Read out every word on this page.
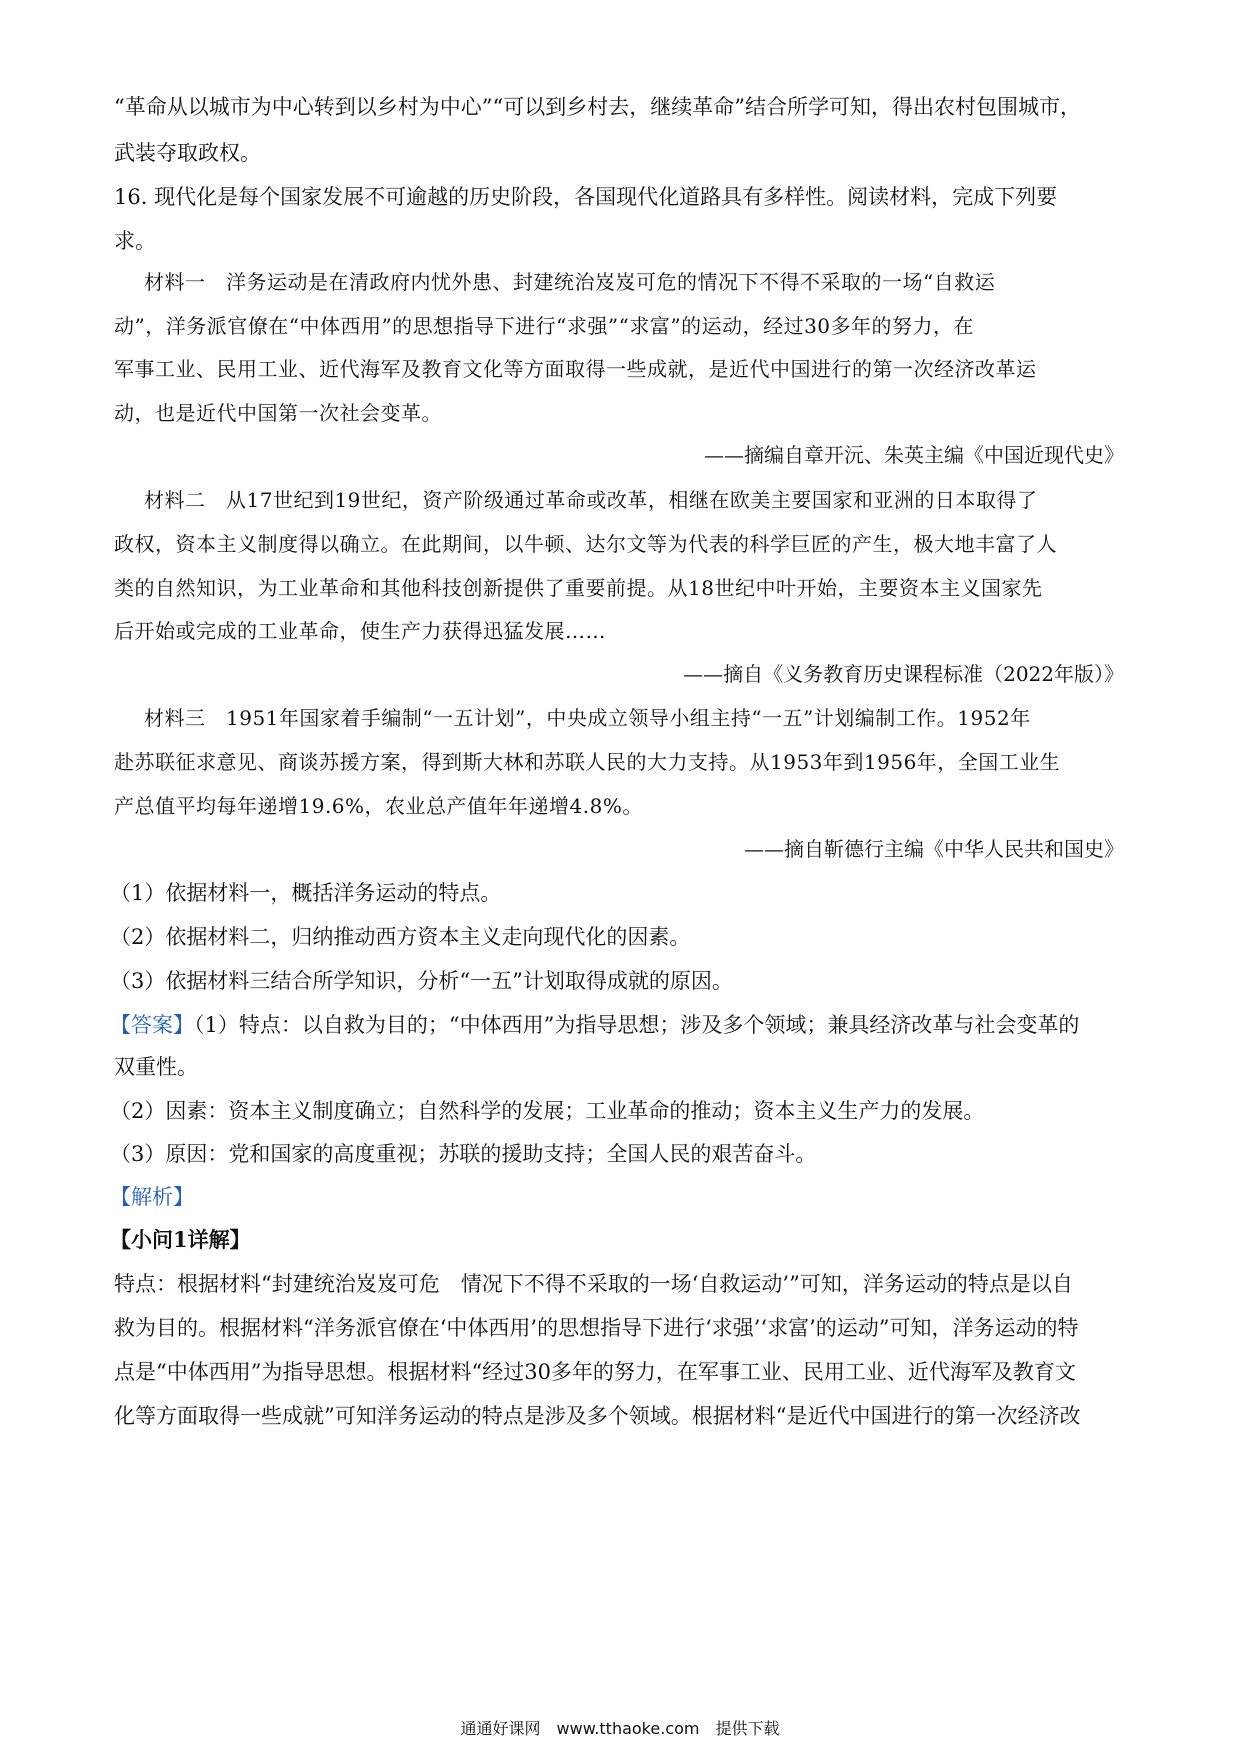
“革命从以城市为中心转到以乡村为中心”“可以到乡村去，继续革命”结合所学可知，得出农村包围城市，
武装夺取政权。
16. 现代化是每个国家发展不可逾越的历史阶段，各国现代化道路具有多样性。阅读材料，完成下列要
求。
材料一　洋务运动是在清政府内忧外患、封建统治岌岌可危的情况下不得不采取的一场“自救运
动”，洋务派官僚在“中体西用”的思想指导下进行“求强”“求富”的运动，经过30多年的努力，在
军事工业、民用工业、近代海军及教育文化等方面取得一些成就，是近代中国进行的第一次经济改革运
动，也是近代中国第一次社会变革。
——摘编自章开沅、朱英主编《中国近现代史》
材料二　从17世纪到19世纪，资产阶级通过革命或改革，相继在欧美主要国家和亚洲的日本取得了
政权，资本主义制度得以确立。在此期间，以牛顿、达尔文等为代表的科学巨匠的产生，极大地丰富了人
类的自然知识，为工业革命和其他科技创新提供了重要前提。从18世纪中叶开始，主要资本主义国家先
后开始或完成的工业革命，使生产力获得迅猛发展……
——摘自《义务教育历史课程标准（2022年版）》
材料三　1951年国家着手编制“一五计划”，中央成立领导小组主持“一五”计划编制工作。1952年
赴苏联征求意见、商谈苏援方案，得到斯大林和苏联人民的大力支持。从1953年到1956年，全国工业生
产总值平均每年递增19.6%，农业总产值年年递增4.8%。
——摘自靳德行主编《中华人民共和国史》
（1）依据材料一，概括洋务运动的特点。
（2）依据材料二，归纳推动西方资本主义走向现代化的因素。
（3）依据材料三结合所学知识，分析“一五”计划取得成就的原因。
【答案】（1）特点：以自救为目的；“中体西用”为指导思想；涉及多个领域；兼具经济改革与社会变革的
双重性。
（2）因素：资本主义制度确立；自然科学的发展；工业革命的推动；资本主义生产力的发展。
（3）原因：党和国家的高度重视；苏联的援助支持；全国人民的艰苦奋斗。
【解析】
【小问1详解】
特点：根据材料“封建统治岌岌可危　情况下不得不采取的一场‘自救运动’”可知，洋务运动的特点是以自
救为目的。根据材料“洋务派官僚在‘中体西用’的思想指导下进行‘求强’‘求富’的运动”可知，洋务运动的特
点是“中体西用”为指导思想。根据材料“经过30多年的努力，在军事工业、民用工业、近代海军及教育文
化等方面取得一些成就”可知洋务运动的特点是涉及多个领域。根据材料“是近代中国进行的第一次经济改
通通好课网　www.tthaoke.com　提供下载
